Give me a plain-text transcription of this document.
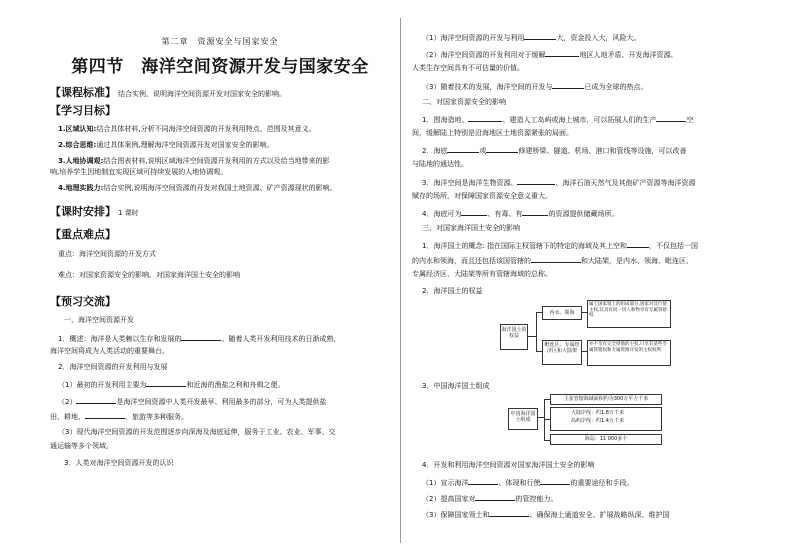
第二章　资源安全与国家安全
第四节　海洋空间资源开发与国家安全
【课程标准】 结合实例，说明海洋空间资源开发对国家安全的影响。
【学习目标】
1.区域认知:结合具体材料,分析不同海洋空间资源的开发利用特点、范围及其意义。
2.综合思维:通过具体案例,理解海洋空间资源开发对国家安全的影响。
3.人地协调观:结合图表材料,说明区域海洋空间资源开发利用的方式以及给当地带来的影
响,培养学生因地制宜实现区域可持续发展的人地协调观。
4.地理实践力:结合实例,说明海洋空间资源的开发对我国土地资源、矿产资源现状的影响。
【课时安排】 1 课时
【重点难点】
重点：海洋空间资源的开发方式
难点：对国家资源安全的影响、对国家海洋国土安全的影响
【预习交流】
一、海洋空间资源开发
1．概述：海洋是人类赖以生存和发展的	。随着人类开发利用技术的日渐成熟，
海洋空间将成为人类活动的重要舞台。
2．海洋空间资源的开发利用与发展
（1）最初的开发利用主要为	和近海的渔盐之利和舟楫之便。
（2）	是海洋空间资源中人类开发最早、利用最多的部分，可为人类提供盐
田、耕地、	、旅游等多种服务。
（3）现代海洋空间资源的开发范围逐步向深海及海底延伸，服务于工业、农业、军事、交
通运输等多个领域。
3．人类对海洋空间资源开发的认识
（1）海洋空间资源的开发与利用	大，资金投入大，风险大。
（2）海洋空间资源的开发利用对于缓解	地区人地矛盾、开发海洋资源、
人类生存空间具有不可估量的价值。
（3）随着技术的发展，海洋空间的开发与	已成为全球的热点。
二、对国家资源安全的影响
1．围海造地、	、建造人工岛屿或海上城市，可以拓展人们的生产	空
间，缓解陆上特别是沿海地区土地资源紧张的局面。
2．海底	或	修建桥梁、隧道、机场、港口和管线等设施，可以改善
与陆地的通达性。
3．海洋空间是海洋生物资源、	、海洋石油天然气及其他矿产资源等海洋资源
赋存的场所，对保障国家资源安全意义重大。
4．海底可为	、有毒、有	的资源提供储藏场所。
三、对国家海洋国土安全的影响
1．海洋国土的概念: 指在国际主权管辖下的特定的海域及其上空和	，不仅包括一国
的内水和领海，而且还包括该国管辖的	和大陆架，是内水、领海、毗连区、
专属经济区、大陆架等所有管辖海域的总称。
2．海洋国土的权益
海洋国土的权益
内水、领海
属于国家领土的组成部分,国家对其行使主权,其具有同一切人和物享有专属管辖权
毗连区、专属经济区和大陆架
并不享有完全排他的主权,只享有某些专属管辖权和专属资源开发的主权权利
3．中国海洋国土组成
中国海洋国土组成
主张管辖海域面积约为300万平方千米
大陆岸线：约1.8万千米
岛屿岸线：约1.4万千米
海岛：11 000多个
4．开发和利用海洋空间资源对国家海洋国土安全的影响
（1）宣示海洋	、体现和行使	的重要途径和手段。
（2）提高国家对	的管控能力。
（3）保障国家领土和	、确保海上通道安全、扩展战略纵深、维护国
